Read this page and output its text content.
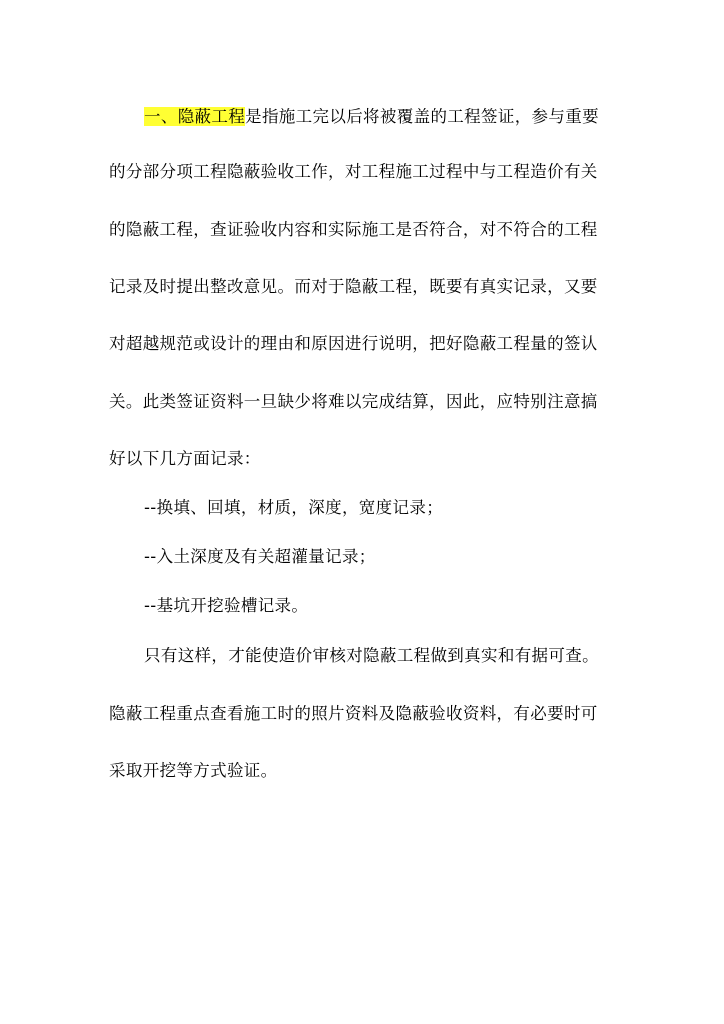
一、隐蔽工程是指施工完以后将被覆盖的工程签证，参与重要
的分部分项工程隐蔽验收工作，对工程施工过程中与工程造价有关
的隐蔽工程，查证验收内容和实际施工是否符合，对不符合的工程
记录及时提出整改意见。而对于隐蔽工程，既要有真实记录，又要
对超越规范或设计的理由和原因进行说明，把好隐蔽工程量的签认
关。此类签证资料一旦缺少将难以完成结算，因此，应特别注意搞
好以下几方面记录：
--换填、回填，材质，深度，宽度记录；
--入土深度及有关超灌量记录；
--基坑开挖验槽记录。
只有这样，才能使造价审核对隐蔽工程做到真实和有据可查。
隐蔽工程重点查看施工时的照片资料及隐蔽验收资料，有必要时可
采取开挖等方式验证。
